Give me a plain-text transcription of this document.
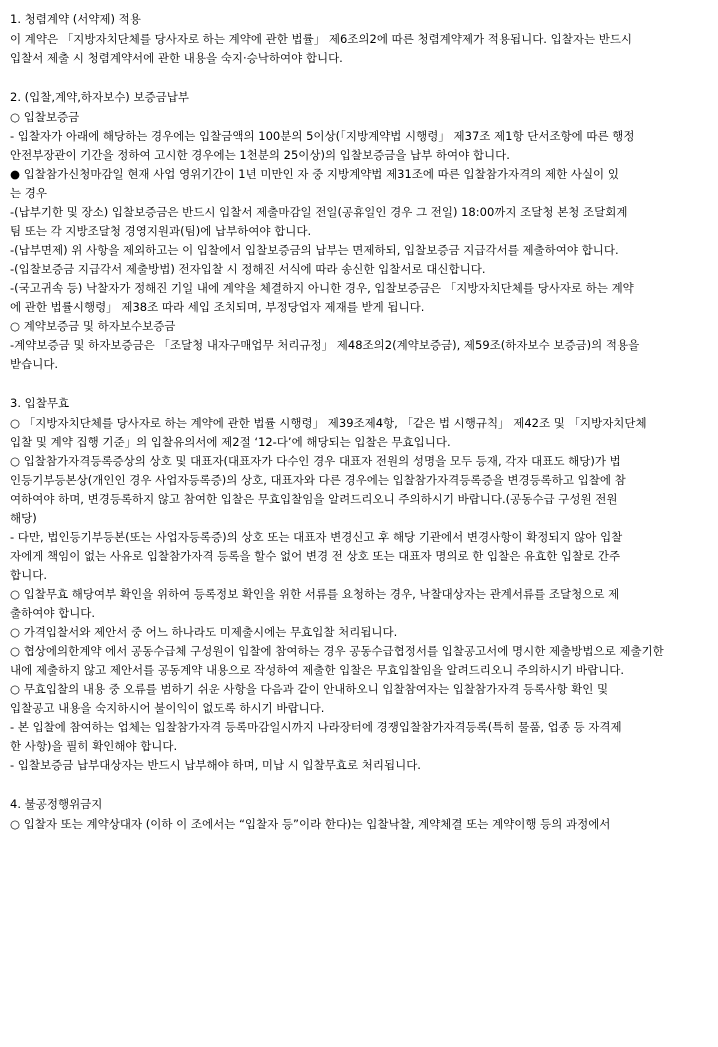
1. 청렴계약 (서약제) 적용

이 계약은 「지방자치단체를 당사자로 하는 계약에 관한 법률」 제6조의2에 따른 청렴계약제가 적용됩니다. 입찰자는 반드시

입찰서 제출 시 청렴계약서에 관한 내용을 숙지·승낙하여야 합니다.

2. (입찰,계약,하자보수) 보증금납부

○ 입찰보증금

- 입찰자가 아래에 해당하는 경우에는 입찰금액의 100분의 5이상(「지방계약법 시행령」 제37조 제1항 단서조항에 따른 행정

안전부장관이 기간을 정하여 고시한 경우에는 1천분의 25이상)의 입찰보증금을 납부 하여야 합니다.

● 입찰참가신청마감일 현재 사업 영위기간이 1년 미만인 자 중 지방계약법 제31조에 따른 입찰참가자격의 제한 사실이 있

는 경우

-(납부기한 및 장소) 입찰보증금은 반드시 입찰서 제출마감일 전일(공휴일인 경우 그 전일) 18:00까지 조달청 본청 조달회계

팀 또는 각 지방조달청 경영지원과(팀)에 납부하여야 합니다.

-(납부면제) 위 사항을 제외하고는 이 입찰에서 입찰보증금의 납부는 면제하되, 입찰보증금 지급각서를 제출하여야 합니다.

-(입찰보증금 지급각서 제출방법) 전자입찰 시 정해진 서식에 따라 송신한 입찰서로 대신합니다.

-(국고귀속 등) 낙찰자가 정해진 기일 내에 계약을 체결하지 아니한 경우, 입찰보증금은 「지방자치단체를 당사자로 하는 계약

에 관한 법률시행령」 제38조 따라 세입 조치되며, 부정당업자 제재를 받게 됩니다.

○ 계약보증금 및 하자보수보증금

-계약보증금 및 하자보증금은 「조달청 내자구매업무 처리규정」 제48조의2(계약보증금), 제59조(하자보수 보증금)의 적용을

받습니다.

3. 입찰무효

○ 「지방자치단체를 당사자로 하는 계약에 관한 법률 시행령」 제39조제4항, 「같은 법 시행규칙」 제42조 및 「지방자치단체

입찰 및 계약 집행 기준」의 입찰유의서에 제2절 ‘12-다’에 해당되는 입찰은 무효입니다.

○ 입찰참가자격등록증상의 상호 및 대표자(대표자가 다수인 경우 대표자 전원의 성명을 모두 등재, 각자 대표도 해당)가 법

인등기부등본상(개인인 경우 사업자등록증)의 상호, 대표자와 다른 경우에는 입찰참가자격등록증을 변경등록하고 입찰에 참

여하여야 하며, 변경등록하지 않고 참여한 입찰은 무효입찰임을 알려드리오니 주의하시기 바랍니다.(공동수급 구성원 전원

해당)

- 다만, 법인등기부등본(또는 사업자등록증)의 상호 또는 대표자 변경신고 후 해당 기관에서 변경사항이 확정되지 않아 입찰

자에게 책임이 없는 사유로 입찰참가자격 등록을 할수 없어 변경 전 상호 또는 대표자 명의로 한 입찰은 유효한 입찰로 간주

합니다.

○ 입찰무효 해당여부 확인을 위하여 등록정보 확인을 위한 서류를 요청하는 경우, 낙찰대상자는 관계서류를 조달청으로 제

출하여야 합니다.

○ 가격입찰서와 제안서 중 어느 하나라도 미제출시에는 무효입찰 처리됩니다.

○ 협상에의한계약 에서 공동수급체 구성원이 입찰에 참여하는 경우 공동수급협정서를 입찰공고서에 명시한 제출방법으로 제출기한

내에 제출하지 않고 제안서를 공동계약 내용으로 작성하여 제출한 입찰은 무효입찰임을 알려드리오니 주의하시기 바랍니다.

○ 무효입찰의 내용 중 오류를 범하기 쉬운 사항을 다음과 같이 안내하오니 입찰참여자는 입찰참가자격 등록사항 확인 및

입찰공고 내용을 숙지하시어 불이익이 없도록 하시기 바랍니다.

- 본 입찰에 참여하는 업체는 입찰참가자격 등록마감일시까지 나라장터에 경쟁입찰참가자격등록(특히 물품, 업종 등 자격제

한 사항)을 필히 확인해야 합니다.

- 입찰보증금 납부대상자는 반드시 납부해야 하며, 미납 시 입찰무효로 처리됩니다.

4. 불공정행위금지

○ 입찰자 또는 계약상대자 (이하 이 조에서는 “입찰자 등”이라 한다)는 입찰낙찰, 계약체결 또는 계약이행 등의 과정에서
